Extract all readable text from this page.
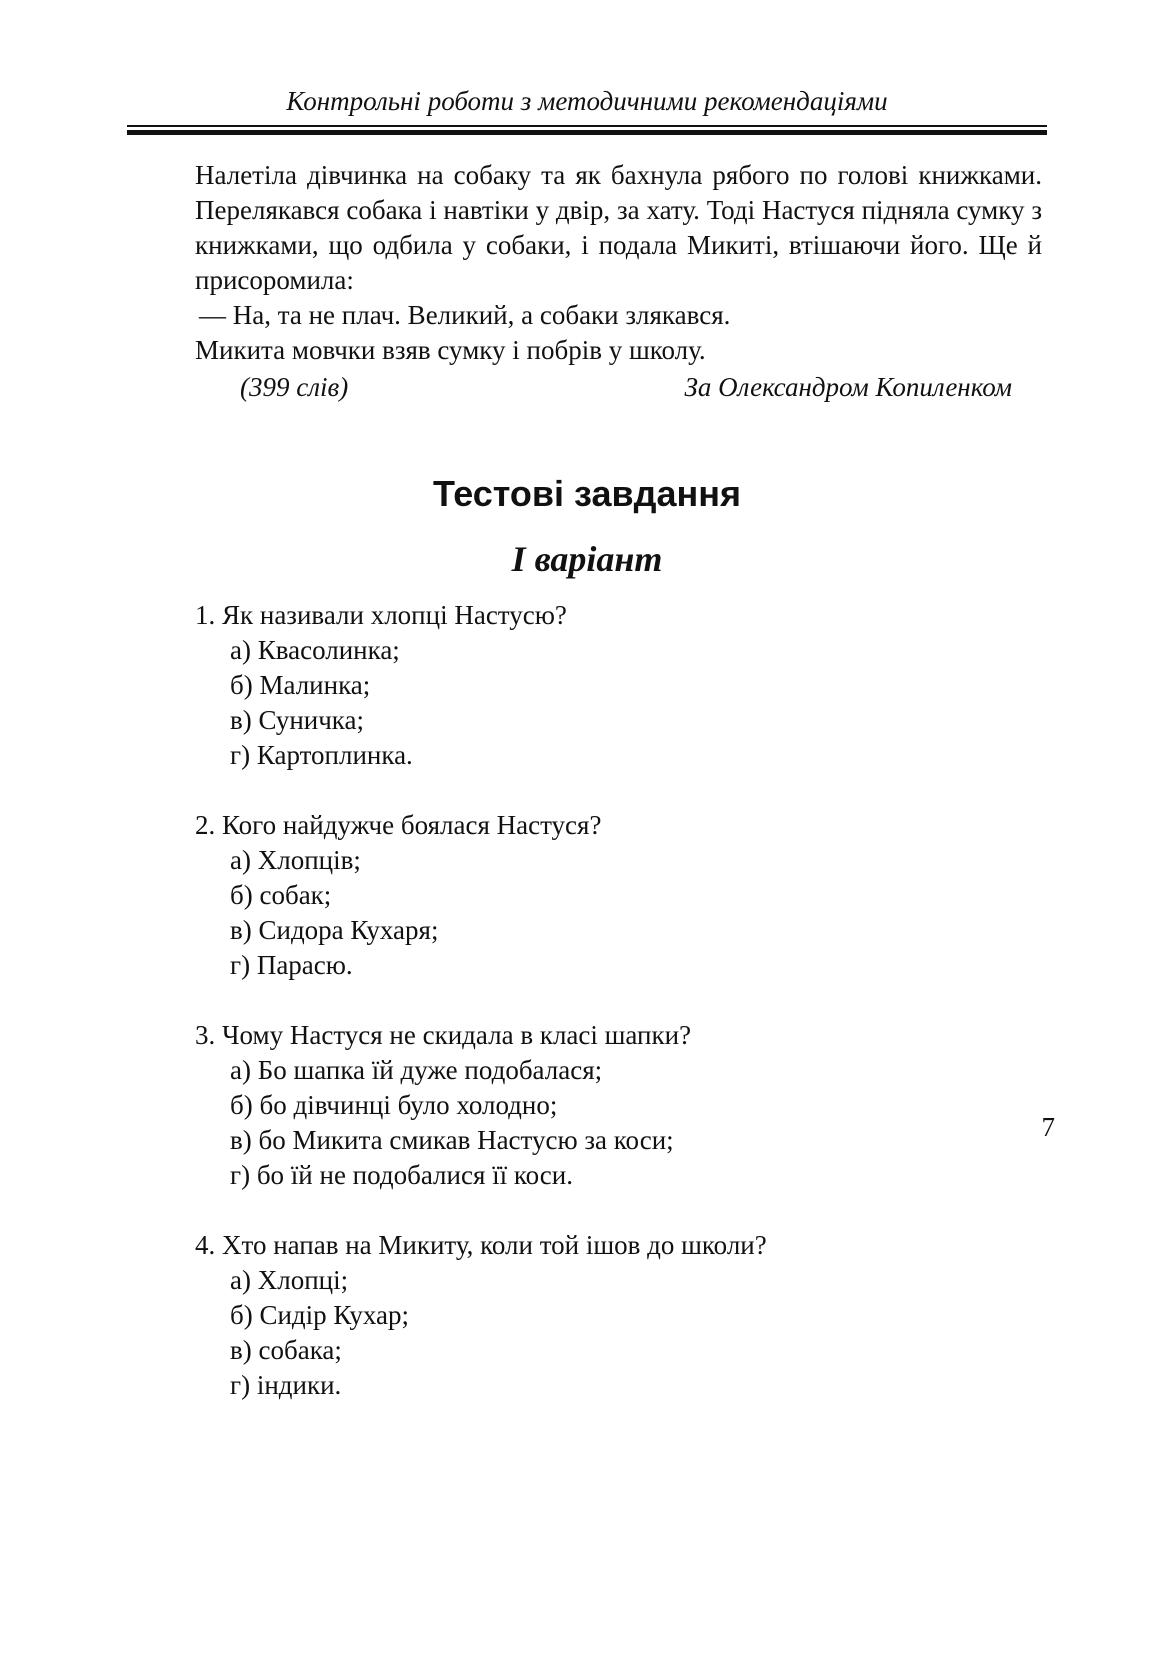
Контрольні роботи з методичними рекомендаціями

Налетіла дівчинка на собаку та як бахнула рябого по голові книжками. Перелякався собака і навтіки у двір, за хату. Тоді Настуся підняла сумку з книжками, що одбила у собаки, і подала Микиті, втішаючи його. Ще й присоромила:

— На, та не плач. Великий, а собаки злякався.

Микита мовчки взяв сумку і побрів у школу.

(399 слів)	За Олександром Копиленком
Тестові завдання
I варіант
1. Як називали хлопці Настусю?
а) Квасолинка;
б) Малинка;
в) Суничка;
г) Картоплинка.
2. Кого найдужче боялася Настуся?
а) Хлопців;
б) собак;
в) Сидора Кухаря;
г) Парасю.
3. Чому Настуся не скидала в класі шапки?
а) Бо шапка їй дуже подобалася;
б) бо дівчинці було холодно;
в) бо Микита смикав Настусю за коси;
г) бо їй не подобалися її коси.
4. Хто напав на Микиту, коли той ішов до школи?
а) Хлопці;
б) Сидір Кухар;
в) собака;
г) індики.
7
